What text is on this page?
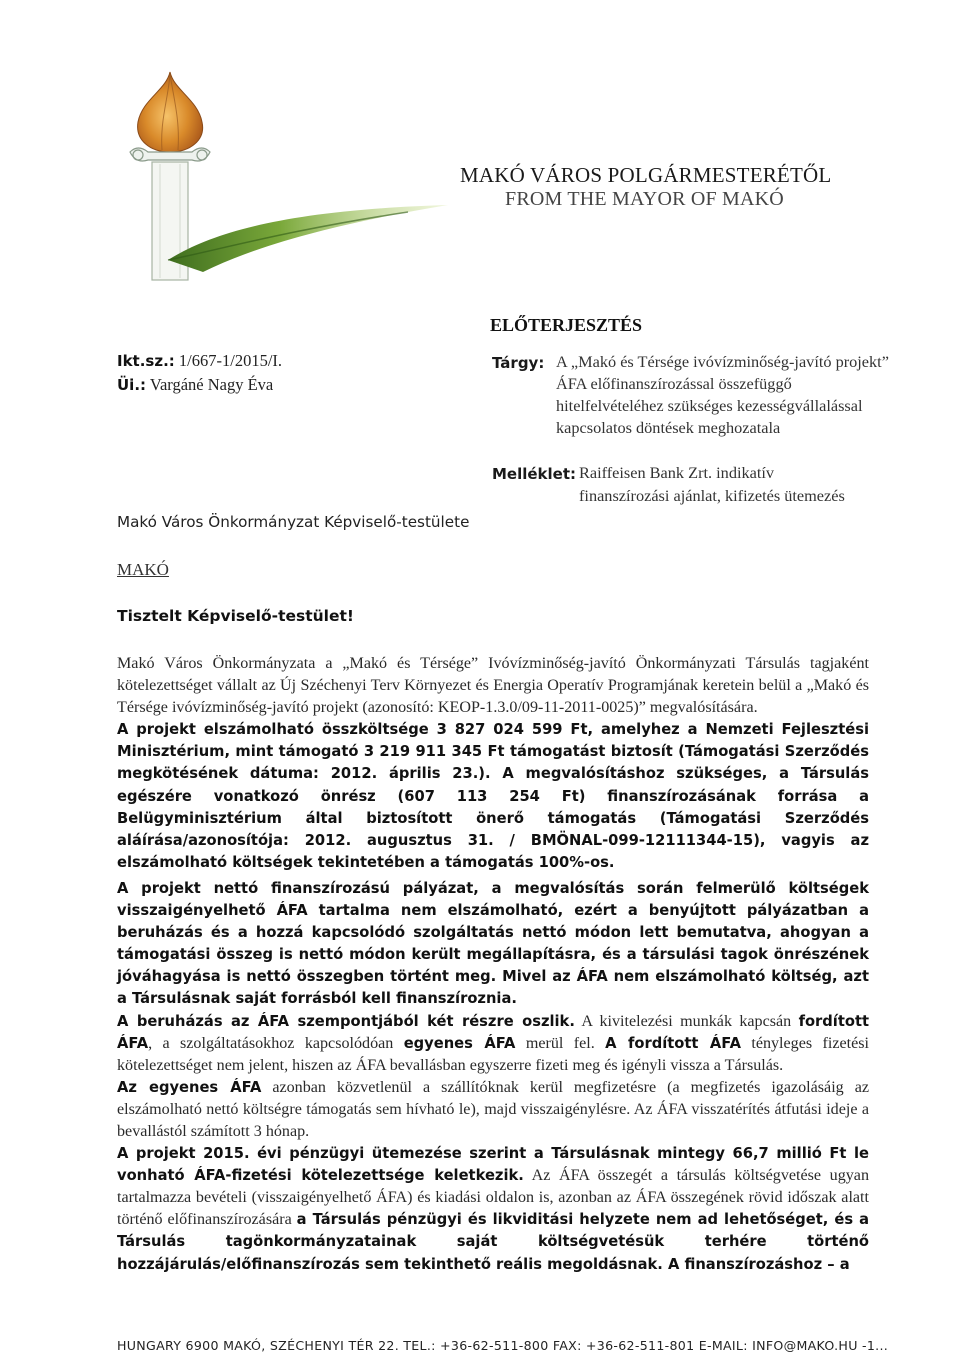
MAKÓ VÁROS POLGÁRMESTERÉTŐL
FROM THE MAYOR OF MAKÓ
ELŐTERJESZTÉS
Ikt.sz.: 1/667-1/2015/I.
Üi.: Vargáné Nagy Éva
Tárgy: A „Makó és Térsége ivóvízminőség-javító projekt” ÁFA előfinanszírozással összefüggő hitelfelvételéhez szükséges kezességvállalással kapcsolatos döntések meghozatala
Melléklet: Raiffeisen Bank Zrt. indikatív
finanszírozási ajánlat, kifizetés ütemezés
Makó Város Önkormányzat Képviselő-testülete
MAKÓ
Tisztelt Képviselő-testület!

Makó Város Önkormányzata a „Makó és Térsége” Ivóvízminőség-javító Önkormányzati Társulás tagjaként kötelezettséget vállalt az Új Széchenyi Terv Környezet és Energia Operatív Programjának keretein belül a „Makó és Térsége ivóvízminőség-javító projekt (azonosító: KEOP-1.3.0/09-11-2011-0025)” megvalósítására.

A projekt elszámolható összköltsége 3 827 024 599 Ft, amelyhez a Nemzeti Fejlesztési Minisztérium, mint támogató 3 219 911 345 Ft támogatást biztosít (Támogatási Szerződés megkötésének dátuma: 2012. április 23.). A megvalósításhoz szükséges, a Társulás egészére vonatkozó önrész (607 113 254 Ft) finanszírozásának forrása a Belügyminisztérium által biztosított önerő támogatás (Támogatási Szerződés aláírása/azonosítója: 2012. augusztus 31. / BMÖNAL-099-12111344-15), vagyis az elszámolható költségek tekintetében a támogatás 100%-os.

A projekt nettó finanszírozású pályázat, a megvalósítás során felmerülő költségek visszaigényelhető ÁFA tartalma nem elszámolható, ezért a benyújtott pályázatban a beruházás és a hozzá kapcsolódó szolgáltatás nettó módon lett bemutatva, ahogyan a támogatási összeg is nettó módon került megállapításra, és a társulási tagok önrészének jóváhagyása is nettó összegben történt meg. Mivel az ÁFA nem elszámolható költség, azt a Társulásnak saját forrásból kell finanszíroznia.

A beruházás az ÁFA szempontjából két részre oszlik. A kivitelezési munkák kapcsán fordított ÁFA, a szolgáltatásokhoz kapcsolódóan egyenes ÁFA merül fel. A fordított ÁFA tényleges fizetési kötelezettséget nem jelent, hiszen az ÁFA bevallásban egyszerre fizeti meg és igényli vissza a Társulás.

Az egyenes ÁFA azonban közvetlenül a szállítóknak kerül megfizetésre (a megfizetés igazolásáig az elszámolható nettó költségre támogatás sem hívható le), majd visszaigénylésre. Az ÁFA visszatérítés átfutási ideje a bevallástól számított 3 hónap.

A projekt 2015. évi pénzügyi ütemezése szerint a Társulásnak mintegy 66,7 millió Ft le vonható ÁFA-fizetési kötelezettsége keletkezik. Az ÁFA összegét a társulás költségvetése ugyan tartalmazza bevételi (visszaigényelhető ÁFA) és kiadási oldalon is, azonban az ÁFA összegének rövid időszak alatt történő előfinanszírozására a Társulás pénzügyi és likviditási helyzete nem ad lehetőséget, és a Társulás tagönkormányzatainak saját költségvetésük terhére történő hozzájárulás/előfinanszírozás sem tekinthető reális megoldásnak. A finanszírozáshoz – a

HUNGARY 6900 MAKÓ, SZÉCHENYI TÉR 22. TEL.: +36-62-511-800 FAX: +36-62-511-801 E-MAIL: INFO@MAKO.HU -1...
